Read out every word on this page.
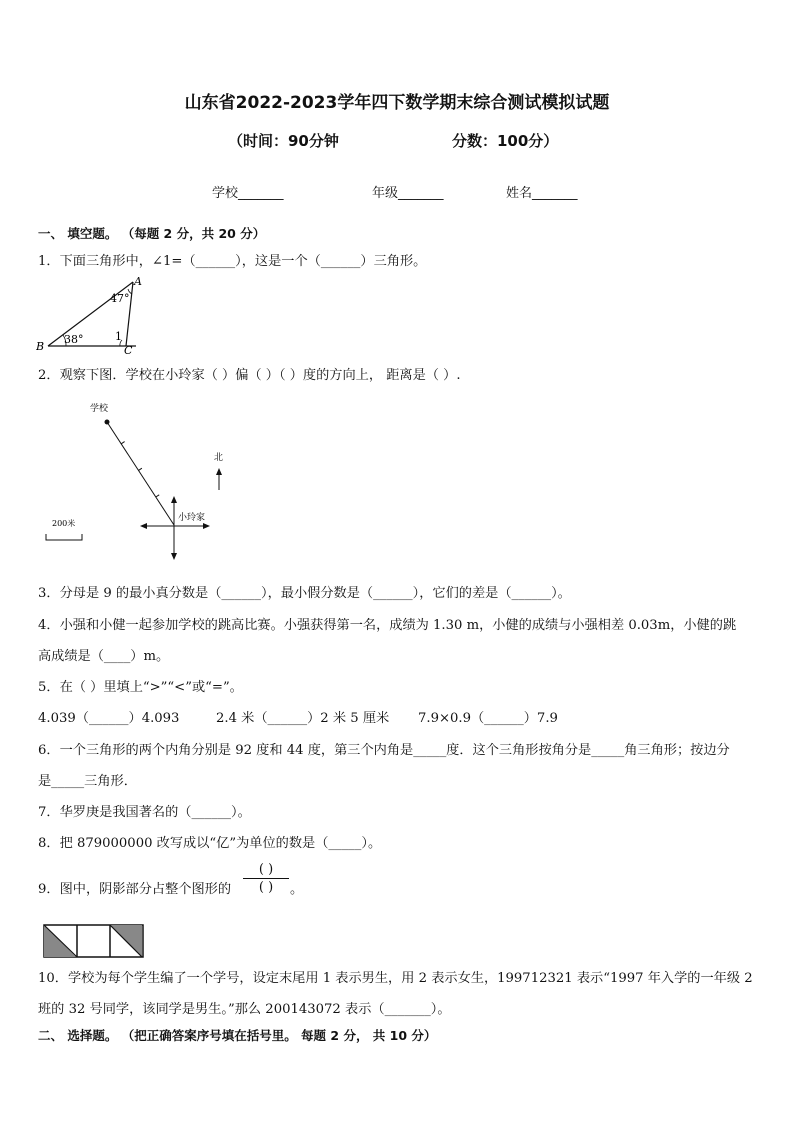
山东省2022-2023学年四下数学期末综合测试模拟试题
（时间：90分钟	分数：100分）
学校_______	年级_______	姓名_______
一、 填空题。 （每题 2 分，共 20 分）
1．下面三角形中，∠1=（______），这是一个（______）三角形。
A
B	C
47°
38°	1
2．观察下图．学校在小玲家（ ）偏（ ）（ ）度的方向上， 距离是（ ）.
学校
小玲家
北
200米
3．分母是 9 的最小真分数是（______），最小假分数是（______），它们的差是（______）。
4．小强和小健一起参加学校的跳高比赛。小强获得第一名，成绩为 1.30 m，小健的成绩与小强相差 0.03m，小健的跳
高成绩是（____）m。
5．在（ ）里填上“>”“<”或“=”。
4.039（______）4.093	2.4 米（______）2 米 5 厘米 7.9×0.9（______）7.9
6．一个三角形的两个内角分别是 92 度和 44 度，第三个内角是_____度．这个三角形按角分是_____角三角形；按边分
是_____三角形．
7．华罗庚是我国著名的（______）。
8．把 879000000 改写成以“亿”为单位的数是（_____）。
9．图中，阴影部分占整个图形的
( )
( )	。
10．学校为每个学生编了一个学号，设定末尾用 1 表示男生，用 2 表示女生，199712321 表示“1997 年入学的一年级 2
班的 32 号同学，该同学是男生。”那么 200143072 表示（_______）。
二、 选择题。 （把正确答案序号填在括号里。 每题 2 分， 共 10 分）
